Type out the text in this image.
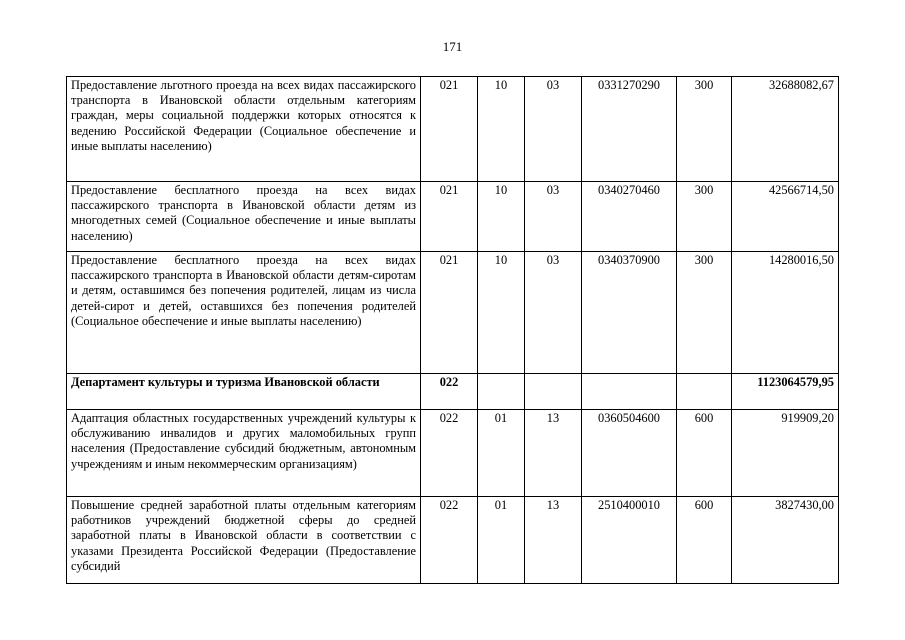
171
Предоставление льготного проезда на всех видах пассажирского транспорта в Ивановской области отдельным категориям граждан, меры социальной поддержки которых относятся к ведению Российской Федерации (Социальное обеспечение и иные выплаты населению)	021	10	03	0331270290	300	32688082,67
Предоставление бесплатного проезда на всех видах пассажирского транспорта в Ивановской области детям из многодетных семей (Социальное обеспечение и иные выплаты населению)	021	10	03	0340270460	300	42566714,50
Предоставление бесплатного проезда на всех видах пассажирского транспорта в Ивановской области детям-сиротам и детям, оставшимся без попечения родителей, лицам из числа детей-сирот и детей, оставшихся без попечения родителей (Социальное обеспечение и иные выплаты населению)	021	10	03	0340370900	300	14280016,50
Департамент культуры и туризма Ивановской области	022					1123064579,95
Адаптация областных государственных учреждений культуры к обслуживанию инвалидов и других маломобильных групп населения (Предоставление субсидий бюджетным, автономным учреждениям и иным некоммерческим организациям)	022	01	13	0360504600	600	919909,20
Повышение средней заработной платы отдельным категориям работников учреждений бюджетной сферы до средней заработной платы в Ивановской области в соответствии с указами Президента Российской Федерации (Предоставление субсидий	022	01	13	2510400010	600	3827430,00
